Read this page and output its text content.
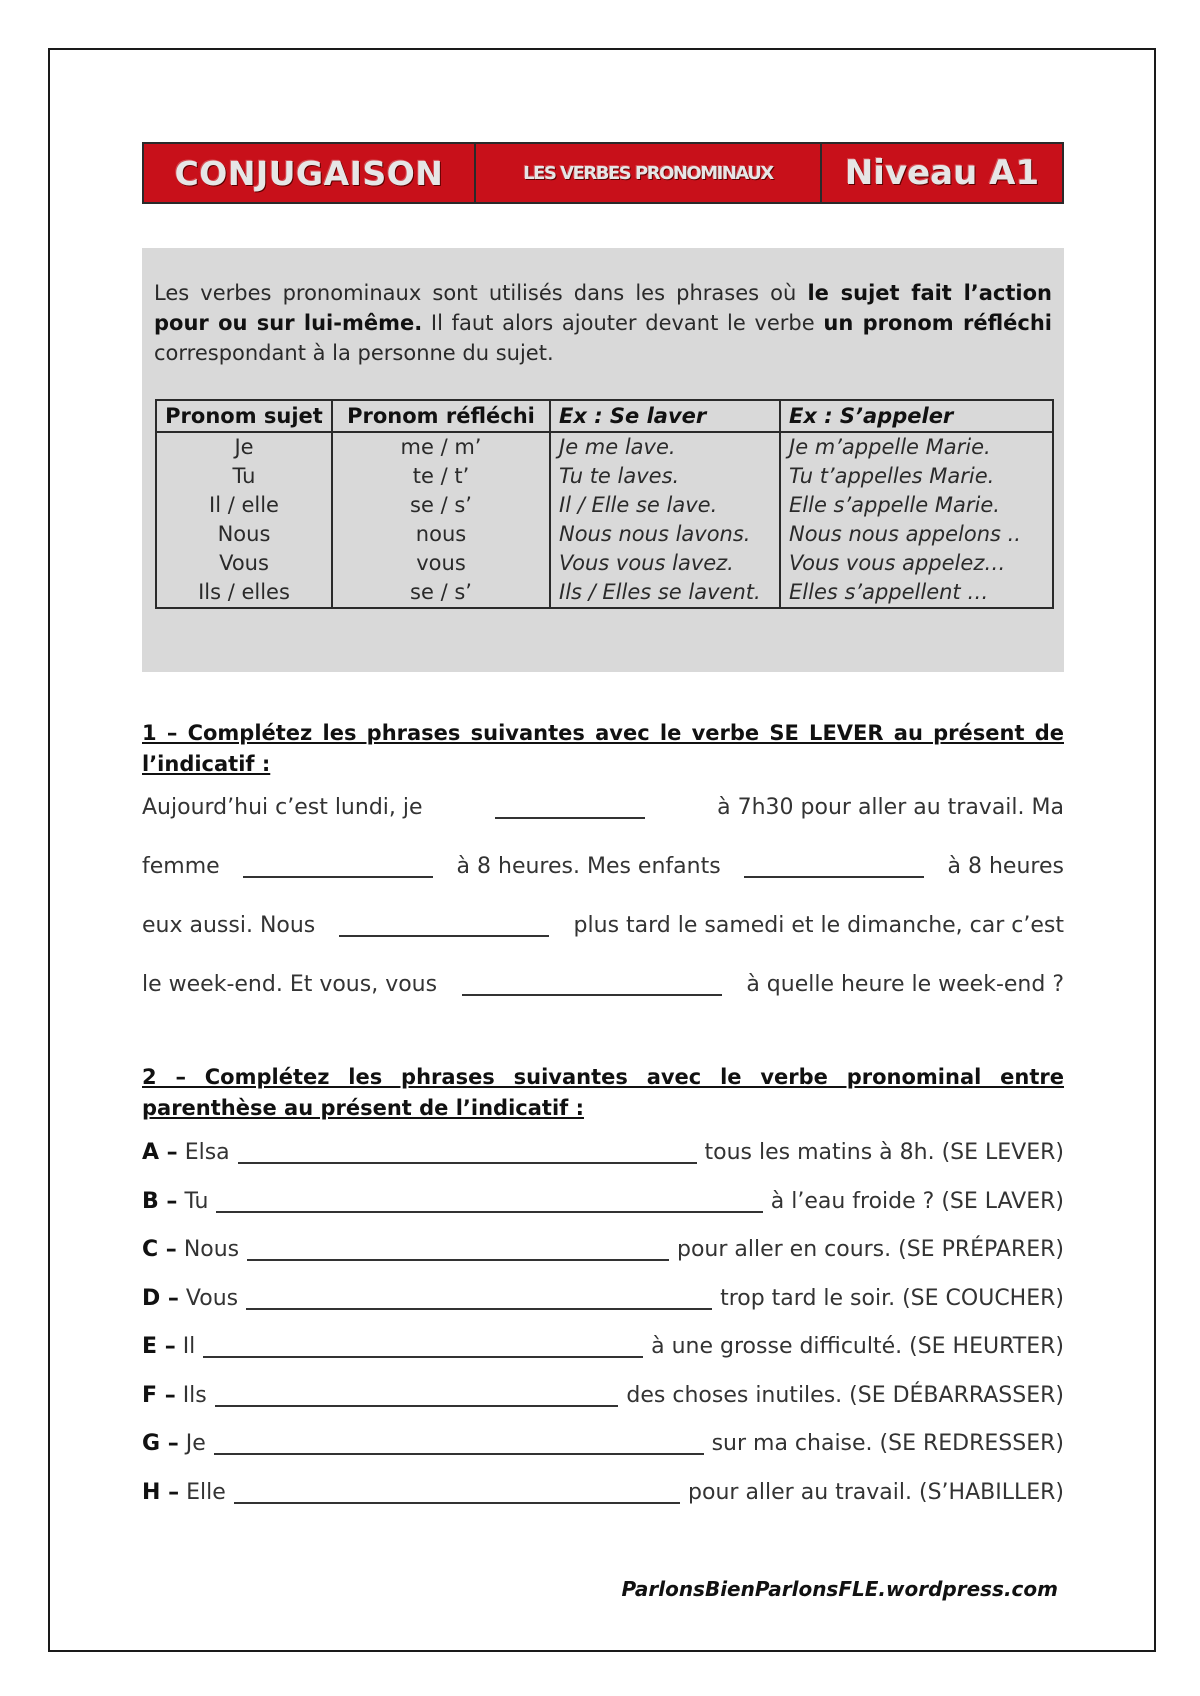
CONJUGAISON	LES VERBES PRONOMINAUX	Niveau A1

Les verbes pronominaux sont utilisés dans les phrases où le sujet fait l’action pour ou sur lui-même. Il faut alors ajouter devant le verbe un pronom réfléchi correspondant à la personne du sujet.

Pronom sujet	Pronom réfléchi	Ex : Se laver	Ex : S’appeler
Je	me / m’	Je me lave.	Je m’appelle Marie.
Tu	te / t’	Tu te laves.	Tu t’appelles Marie.
Il / elle	se / s’	Il / Elle se lave.	Elle s’appelle Marie.
Nous	nous	Nous nous lavons.	Nous nous appelons ..
Vous	vous	Vous vous lavez.	Vous vous appelez…
Ils / elles	se / s’	Ils / Elles se lavent.	Elles s’appellent …
1 – Complétez les phrases suivantes avec le verbe SE LEVER au présent de l’indicatif :
Aujourd’hui c’est lundi, je	à 7h30 pour aller au travail. Ma
femme	à 8 heures. Mes enfants	à 8 heures
eux aussi. Nous	plus tard le samedi et le dimanche, car c’est
le week-end. Et vous, vous	à quelle heure le week-end ?
2 – Complétez les phrases suivantes avec le verbe pronominal entre parenthèse au présent de l’indicatif :
A –
Elsa	tous les matins à 8h. (SE LEVER)
B –
Tu	à l’eau froide ? (SE LAVER)
C –
Nous	pour aller en cours. (SE PRÉPARER)
D –
Vous	trop tard le soir. (SE COUCHER)
E –
Il	à une grosse difficulté. (SE HEURTER)
F –
Ils	des choses inutiles. (SE DÉBARRASSER)
G –
Je	sur ma chaise. (SE REDRESSER)
H –
Elle	pour aller au travail. (S’HABILLER)
ParlonsBienParlonsFLE.wordpress.com
